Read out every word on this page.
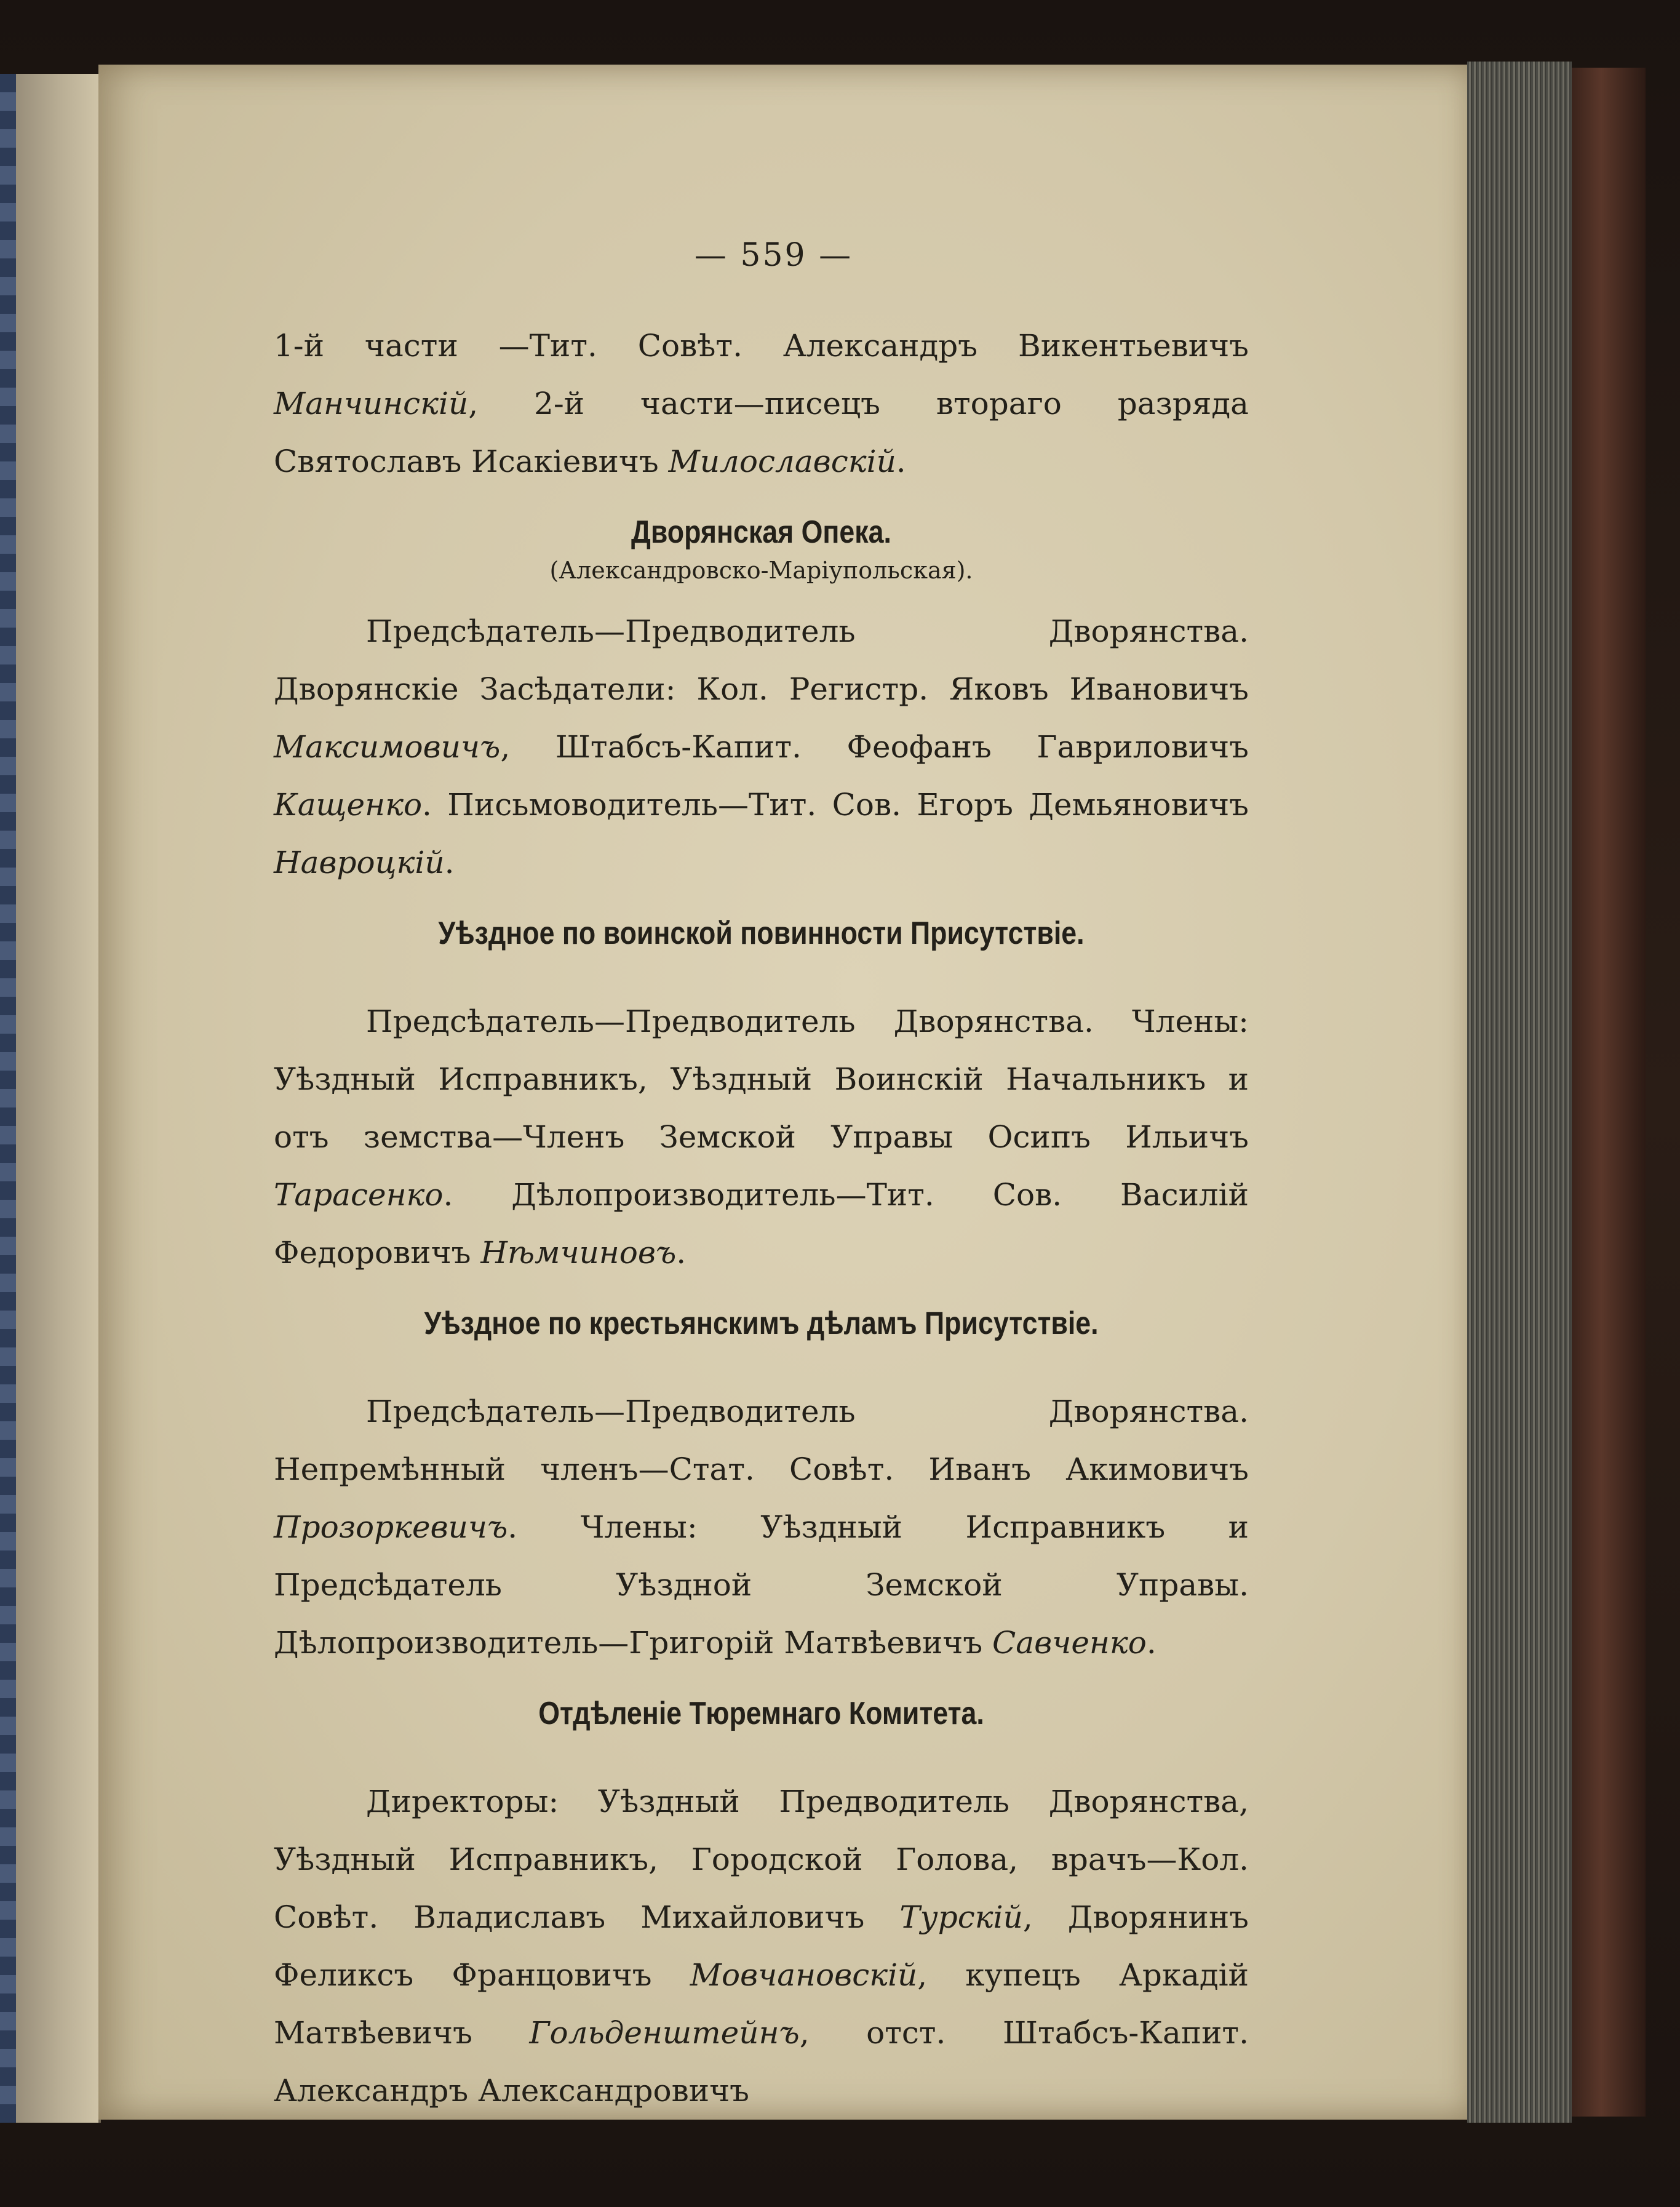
— 559 —

1-й части —Тит. Совѣт. Александръ Викентьевичъ Манчинскій, 2-й части—писецъ втораго разряда Святославъ Исакіевичъ Милославскій.

Дворянская Опека.
(Александровско-Маріупольская).

Предсѣдатель—Предводитель Дворянства. Дворянскіе Засѣдатели: Кол. Регистр. Яковъ Ивановичъ Максимовичъ, Штабсъ-Капит. Феофанъ Гавриловичъ Кащенко. Письмоводитель—Тит. Сов. Егоръ Демьяновичъ Навроцкій.

Уѣздное по воинской повинности Присутствіе.

Предсѣдатель—Предводитель Дворянства. Члены: Уѣздный Исправникъ, Уѣздный Воинскій Начальникъ и отъ земства—Членъ Земской Управы Осипъ Ильичъ Тарасенко. Дѣлопроизводитель—Тит. Сов. Василій Федоровичъ Нѣмчиновъ.

Уѣздное по крестьянскимъ дѣламъ Присутствіе.

Предсѣдатель—Предводитель Дворянства. Непремѣнный членъ—Стат. Совѣт. Иванъ Акимовичъ Прозоркевичъ. Члены: Уѣздный Исправникъ и Предсѣдатель Уѣздной Земской Управы. Дѣлопроизводитель—Григорій Матвѣевичъ Савченко.

Отдѣленіе Тюремнаго Комитета.

Директоры: Уѣздный Предводитель Дворянства, Уѣздный Исправникъ, Городской Голова, врачъ—Кол. Совѣт. Владиславъ Михайловичъ Турскій, Дворянинъ Феликсъ Францовичъ Мовчановскій, купецъ Аркадій Матвѣевичъ Гольденштейнъ, отст. Штабсъ-Капит. Александръ Александровичъ
